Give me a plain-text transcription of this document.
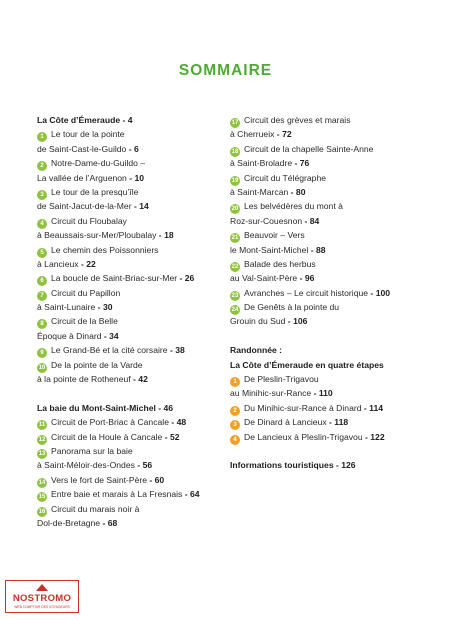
SOMMAIRE
La Côte d’Émeraude - 4
1 Le tour de la pointe
de Saint-Cast-le-Guildo - 6
2 Notre-Dame-du-Guildo –
La vallée de l’Arguenon - 10
3 Le tour de la presqu’île
de Saint-Jacut-de-la-Mer - 14
4 Circuit du Floubalay
à Beaussais-sur-Mer/Ploubalay - 18
5 Le chemin des Poissonniers
à Lancieux - 22
6 La boucle de Saint-Briac-sur-Mer - 26
7 Circuit du Papillon
à Saint-Lunaire - 30
8 Circuit de la Belle
Époque à Dinard - 34
9 Le Grand-Bé et la cité corsaire - 38
10 De la pointe de la Varde
à la pointe de Rotheneuf - 42
La baie du Mont-Saint-Michel - 46
11 Circuit de Port-Briac à Cancale - 48
12 Circuit de la Houle à Cancale - 52
13 Panorama sur la baie
à Saint-Méloir-des-Ondes - 56
14 Vers le fort de Saint-Père - 60
15 Entre baie et marais à La Fresnais - 64
16 Circuit du marais noir à
Dol-de-Bretagne - 68
17 Circuit des grèves et marais
à Cherrueix - 72
18 Circuit de la chapelle Sainte-Anne
à Saint-Broladre - 76
19 Circuit du Télégraphe
à Saint-Marcan - 80
20 Les belvédères du mont à
Roz-sur-Couesnon - 84
21 Beauvoir – Vers
le Mont-Saint-Michel - 88
22 Balade des herbus
au Val-Saint-Père - 96
23 Avranches – Le circuit historique - 100
24 De Genêts à la pointe du
Grouin du Sud - 106
Randonnée :
La Côte d’Émeraude en quatre étapes
1 De Pleslin-Trigavou
au Minihic-sur-Rance - 110
2 Du Minihic-sur-Rance à Dinard - 114
3 De Dinard à Lancieux - 118
4 De Lancieux à Pleslin-Trigavou - 122
Informations touristiques - 126
NOSTROMO
WEB COMPTOIR DES VOYAGEURS
